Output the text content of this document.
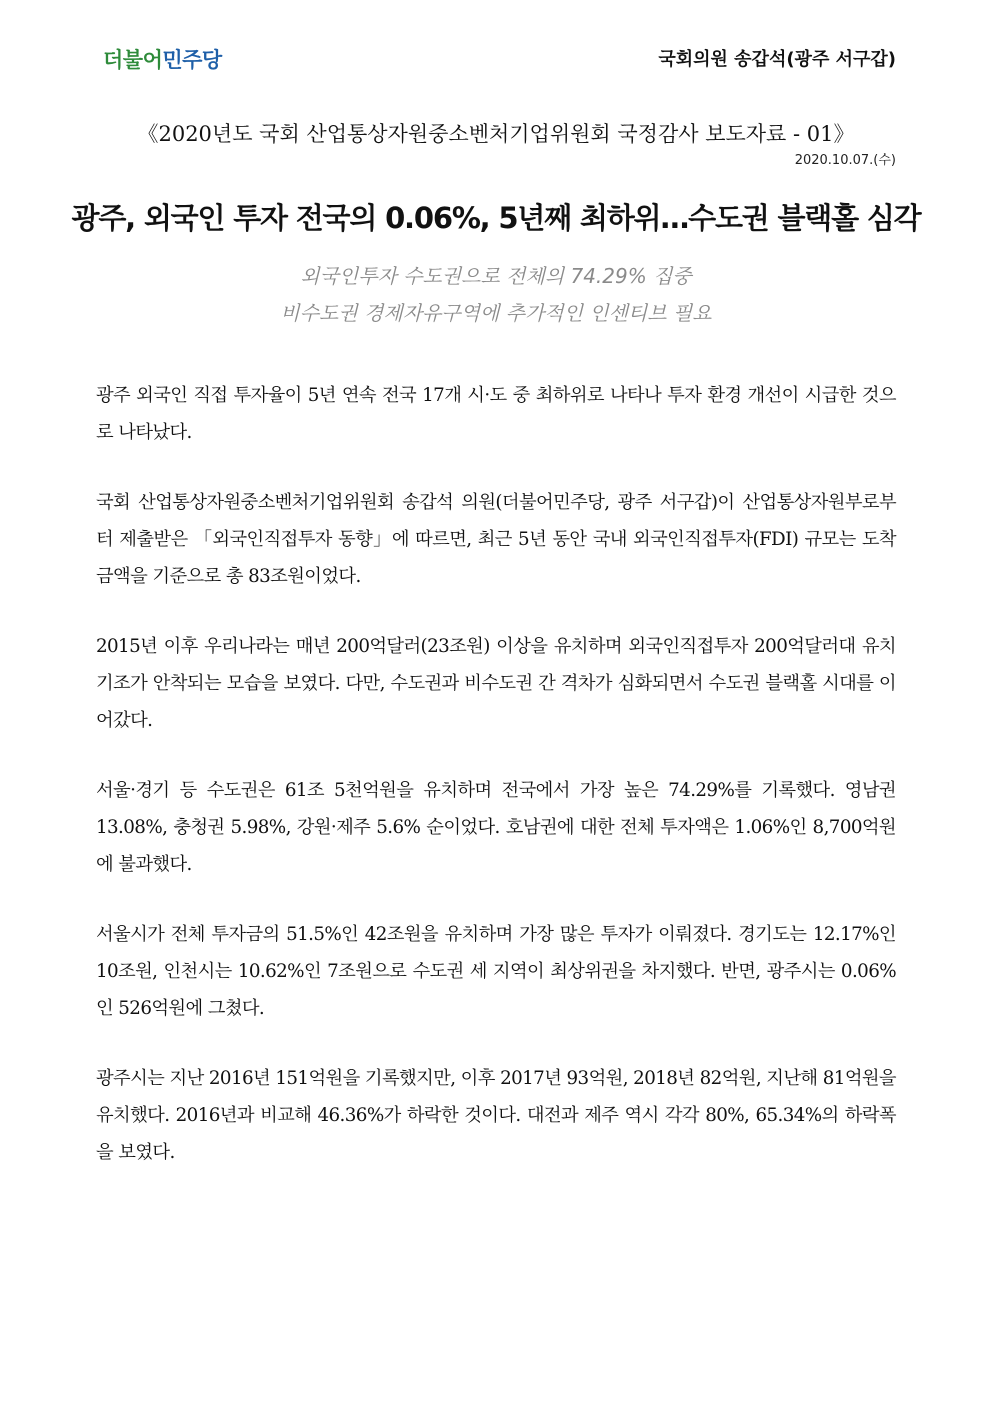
더불어민주당	국회의원 송갑석(광주 서구갑)
《2020년도 국회 산업통상자원중소벤처기업위원회 국정감사 보도자료 - 01》
2020.10.07.(수)
광주, 외국인 투자 전국의 0.06%, 5년째 최하위…수도권 블랙홀 심각
외국인투자 수도권으로 전체의 74.29% 집중
비수도권 경제자유구역에 추가적인 인센티브 필요

광주 외국인 직접 투자율이 5년 연속 전국 17개 시·도 중 최하위로 나타나 투자 환경 개선이 시급한 것으로 나타났다.

국회 산업통상자원중소벤처기업위원회 송갑석 의원(더불어민주당, 광주 서구갑)이 산업통상자원부로부터 제출받은 「외국인직접투자 동향」에 따르면, 최근 5년 동안 국내 외국인직접투자(FDI) 규모는 도착금액을 기준으로 총 83조원이었다.

2015년 이후 우리나라는 매년 200억달러(23조원) 이상을 유치하며 외국인직접투자 200억달러대 유치 기조가 안착되는 모습을 보였다. 다만, 수도권과 비수도권 간 격차가 심화되면서 수도권 블랙홀 시대를 이어갔다.

서울·경기 등 수도권은 61조 5천억원을 유치하며 전국에서 가장 높은 74.29%를 기록했다. 영남권 13.08%, 충청권 5.98%, 강원·제주 5.6% 순이었다. 호남권에 대한 전체 투자액은 1.06%인 8,700억원에 불과했다.

서울시가 전체 투자금의 51.5%인 42조원을 유치하며 가장 많은 투자가 이뤄졌다. 경기도는 12.17%인 10조원, 인천시는 10.62%인 7조원으로 수도권 세 지역이 최상위권을 차지했다. 반면, 광주시는 0.06%인 526억원에 그쳤다.

광주시는 지난 2016년 151억원을 기록했지만, 이후 2017년 93억원, 2018년 82억원, 지난해 81억원을 유치했다. 2016년과 비교해 46.36%가 하락한 것이다. 대전과 제주 역시 각각 80%, 65.34%의 하락폭을 보였다.
